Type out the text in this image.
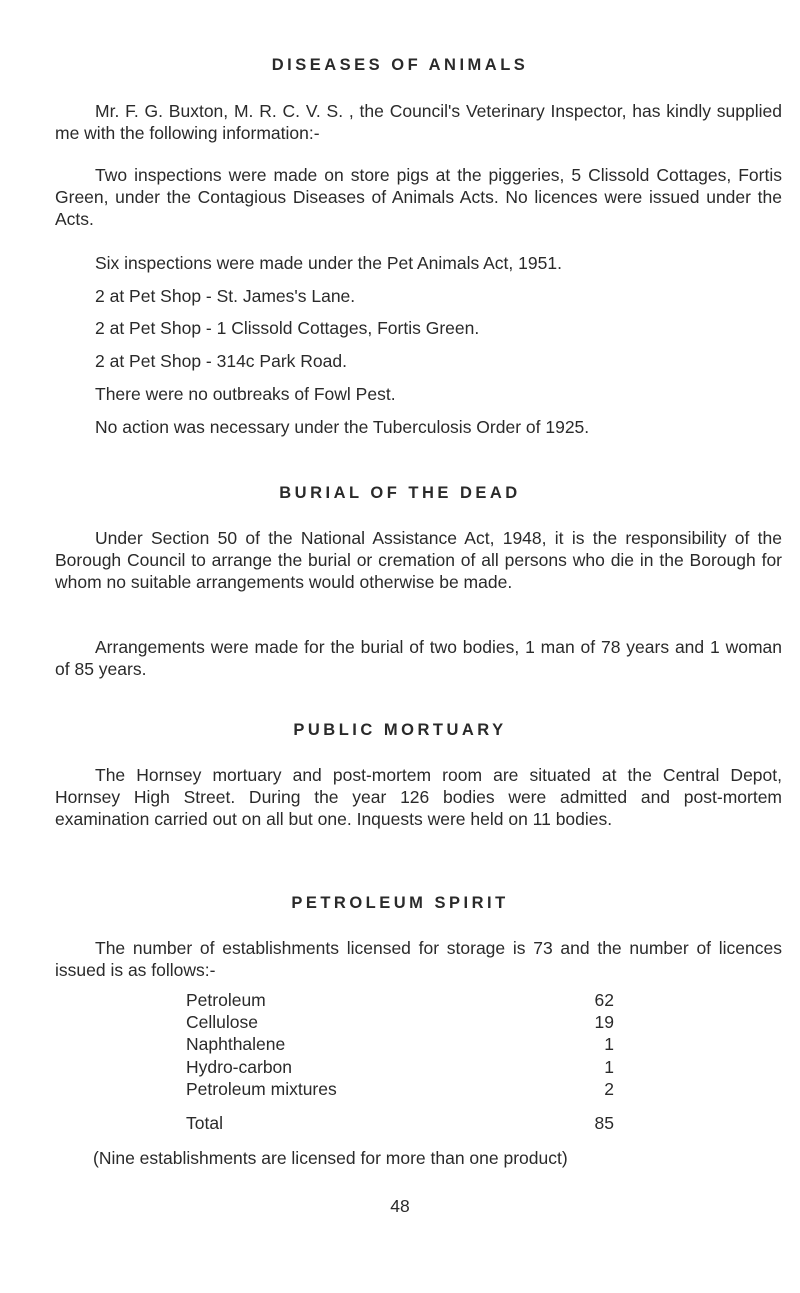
DISEASES OF ANIMALS
Mr. F. G. Buxton, M. R. C. V. S. , the Council's Veterinary Inspector, has kindly supplied me with the following information:-
Two inspections were made on store pigs at the piggeries, 5 Clissold Cottages, Fortis Green, under the Contagious Diseases of Animals Acts. No licences were issued under the Acts.
Six inspections were made under the Pet Animals Act, 1951.
2 at Pet Shop - St. James's Lane.
2 at Pet Shop - 1 Clissold Cottages, Fortis Green.
2 at Pet Shop - 314c Park Road.
There were no outbreaks of Fowl Pest.
No action was necessary under the Tuberculosis Order of 1925.
BURIAL OF THE DEAD
Under Section 50 of the National Assistance Act, 1948, it is the responsibility of the Borough Council to arrange the burial or cremation of all persons who die in the Borough for whom no suitable arrangements would otherwise be made.
Arrangements were made for the burial of two bodies, 1 man of 78 years and 1 woman of 85 years.
PUBLIC MORTUARY
The Hornsey mortuary and post-mortem room are situated at the Central Depot, Hornsey High Street. During the year 126 bodies were admitted and post-mortem examination carried out on all but one. Inquests were held on 11 bodies.
PETROLEUM SPIRIT
The number of establishments licensed for storage is 73 and the number of licences issued is as follows:-
Petroleum	62
Cellulose	19
Naphthalene	1
Hydro-carbon	1
Petroleum mixtures	2
Total	85
(Nine establishments are licensed for more than one product)
48
